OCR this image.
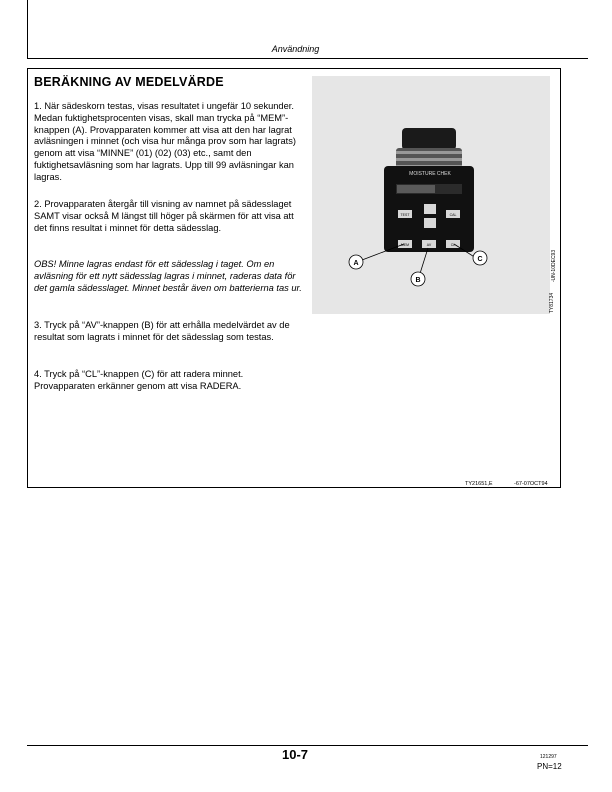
Användning
BERÄKNING AV MEDELVÄRDE

1. När sädeskorn testas, visas resultatet i ungefär 10 sekunder. Medan fuktighetsprocenten visas, skall man trycka på “MEM”-knappen (A). Provapparaten kommer att visa att den har lagrat avläsningen i minnet (och visa hur många prov som har lagrats) genom att visa “MINNE” (01) (02) (03) etc., samt den fuktighetsavläsning som har lagrats. Upp till 99 avläsningar kan lagras.

2. Provapparaten återgår till visning av namnet på sädesslaget SAMT visar också M längst till höger på skärmen för att visa att det finns resultat i minnet för detta sädesslag.

OBS! Minne lagras endast för ett sädesslag i taget. Om en avläsning för ett nytt sädesslag lagras i minnet, raderas data för det gamla sädesslaget. Minnet består även om batterierna tas ur.

3. Tryck på “AV”-knappen (B) för att erhålla medelvärdet av de resultat som lagrats i minnet för det sädesslag som testas.

4. Tryck på “CL”-knappen (C) för att radera minnet. Provapparaten erkänner genom att visa RADERA.

MOISTURE CHEK
TEST	CAL
MEM	AV	CL
A
B
C	-UN-10DEC93
TY81734
TY21651,E	-67-07OCT94
10-7	121297
PN=12
